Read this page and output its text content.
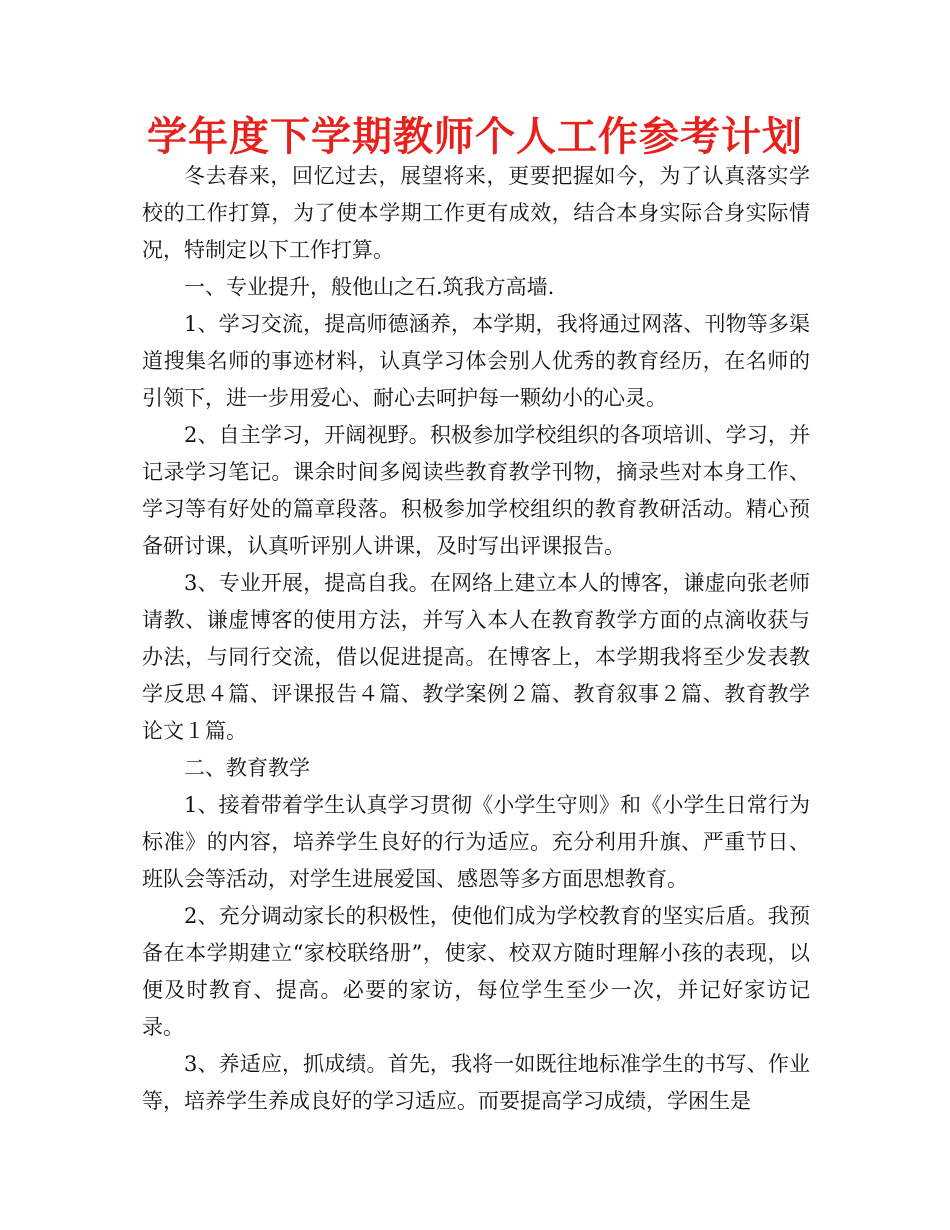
学年度下学期教师个人工作参考计划

冬去春来，回忆过去，展望将来，更要把握如今，为了认真落实学校的工作打算，为了使本学期工作更有成效，结合本身实际合身实际情况，特制定以下工作打算。

一、专业提升，般他山之石.筑我方高墙.

1、学习交流，提高师德涵养，本学期，我将通过网落、刊物等多渠道搜集名师的事迹材料，认真学习体会别人优秀的教育经历，在名师的引领下，进一步用爱心、耐心去呵护每一颗幼小的心灵。

2、自主学习，开阔视野。积极参加学校组织的各项培训、学习，并记录学习笔记。课余时间多阅读些教育教学刊物，摘录些对本身工作、学习等有好处的篇章段落。积极参加学校组织的教育教研活动。精心预备研讨课，认真听评别人讲课，及时写出评课报告。

3、专业开展，提高自我。在网络上建立本人的博客，谦虚向张老师请教、谦虚博客的使用方法，并写入本人在教育教学方面的点滴收获与办法，与同行交流，借以促进提高。在博客上，本学期我将至少发表教学反思４篇、评课报告４篇、教学案例２篇、教育叙事２篇、教育教学论文１篇。

二、教育教学

1、接着带着学生认真学习贯彻《小学生守则》和《小学生日常行为标准》的内容，培养学生良好的行为适应。充分利用升旗、严重节日、班队会等活动，对学生进展爱国、感恩等多方面思想教育。

2、充分调动家长的积极性，使他们成为学校教育的坚实后盾。我预备在本学期建立“家校联络册”，使家、校双方随时理解小孩的表现，以便及时教育、提高。必要的家访，每位学生至少一次，并记好家访记录。

3、养适应，抓成绩。首先，我将一如既往地标准学生的书写、作业等，培养学生养成良好的学习适应。而要提高学习成绩，学困生是
